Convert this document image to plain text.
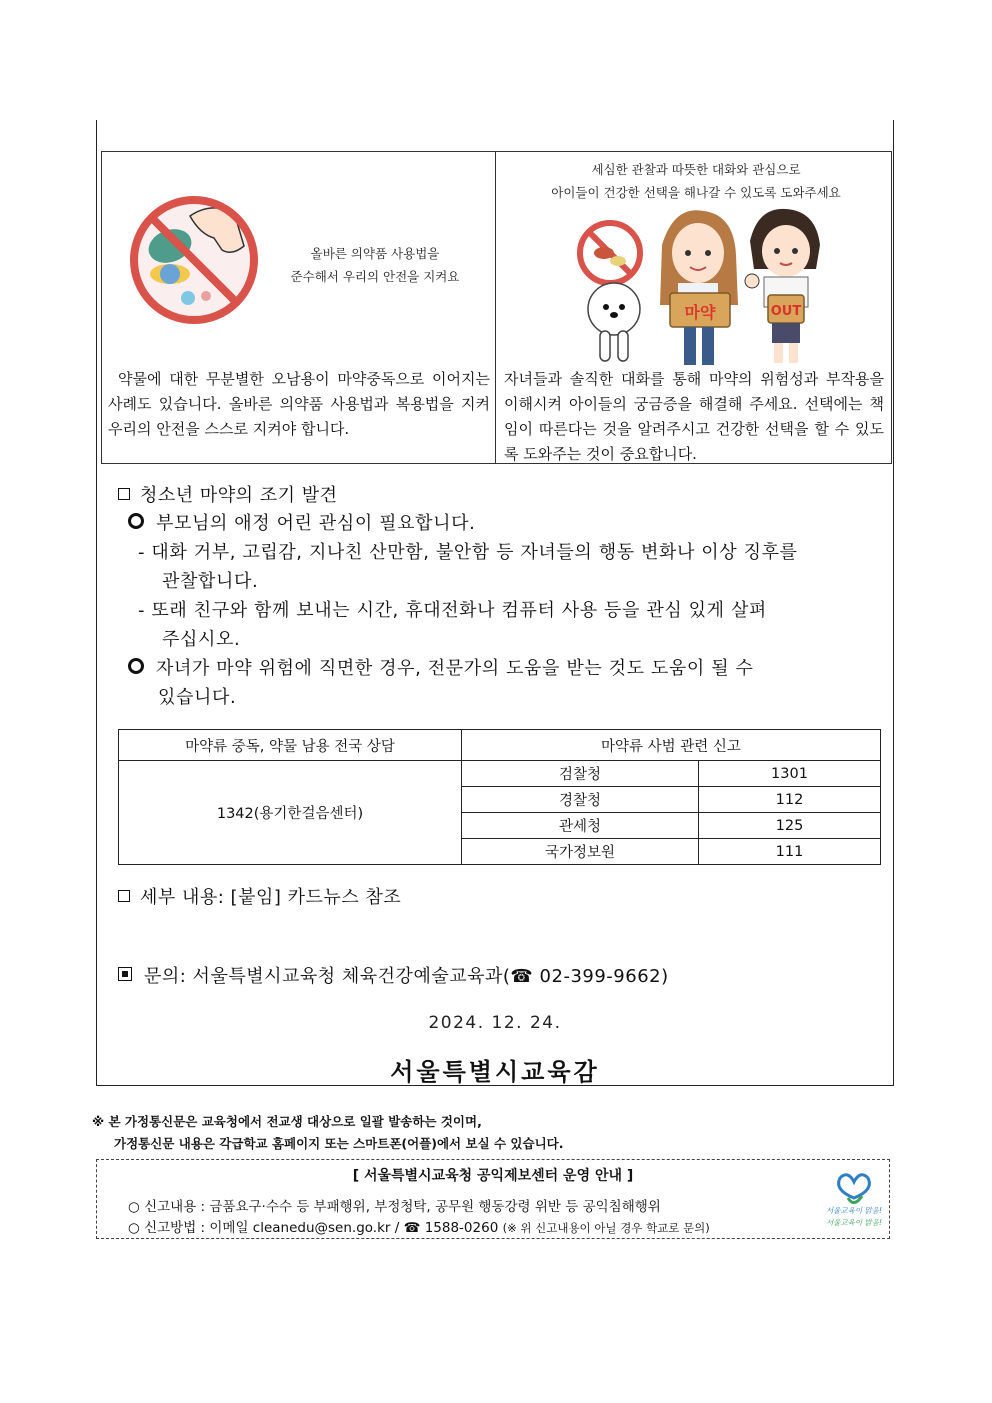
올바른 의약품 사용법을
준수해서 우리의 안전을 지켜요
약물에 대한 무분별한 오남용이 마약중독으로 이어지는 사례도 있습니다. 올바른 의약품 사용법과 복용법을 지켜 우리의 안전을 스스로 지켜야 합니다.
세심한 관찰과 따뜻한 대화와 관심으로
아이들이 건강한 선택을 해나갈 수 있도록 도와주세요
마약	OUT
자녀들과 솔직한 대화를 통해 마약의 위험성과 부작용을 이해시켜 아이들의 궁금증을 해결해 주세요. 선택에는 책임이 따른다는 것을 알려주시고 건강한 선택을 할 수 있도록 도와주는 것이 중요합니다.
청소년 마약의 조기 발견
부모님의 애정 어린 관심이 필요합니다.
- 대화 거부, 고립감, 지나친 산만함, 불안함 등 자녀들의 행동 변화나 이상 징후를
관찰합니다.
- 또래 친구와 함께 보내는 시간, 휴대전화나 컴퓨터 사용 등을 관심 있게 살펴
주십시오.
자녀가 마약 위험에 직면한 경우, 전문가의 도움을 받는 것도 도움이 될 수
있습니다.
마약류 중독, 약물 남용 전국 상담	마약류 사범 관련 신고	
1342(용기한걸음센터)	검찰청	1301
	경찰청	112
	관세청	125
	국가정보원	111
세부 내용: [붙임] 카드뉴스 참조
문의: 서울특별시교육청 체육건강예술교육과(☎ 02-399-9662)
2024. 12. 24.
서울특별시교육감
※ 본 가정통신문은 교육청에서 전교생 대상으로 일괄 발송하는 것이며,
가정통신문 내용은 각급학교 홈페이지 또는 스마트폰(어플)에서 보실 수 있습니다.
[ 서울특별시교육청 공익제보센터 운영 안내 ]
○ 신고내용 : 금품요구·수수 등 부패행위, 부정청탁, 공무원 행동강령 위반 등 공익침해행위
○ 신고방법 : 이메일 cleanedu@sen.go.kr / ☎ 1588-0260 (※ 위 신고내용이 아닐 경우 학교로 문의)
서울교육이 맑음!
서울교육이 밝음!
